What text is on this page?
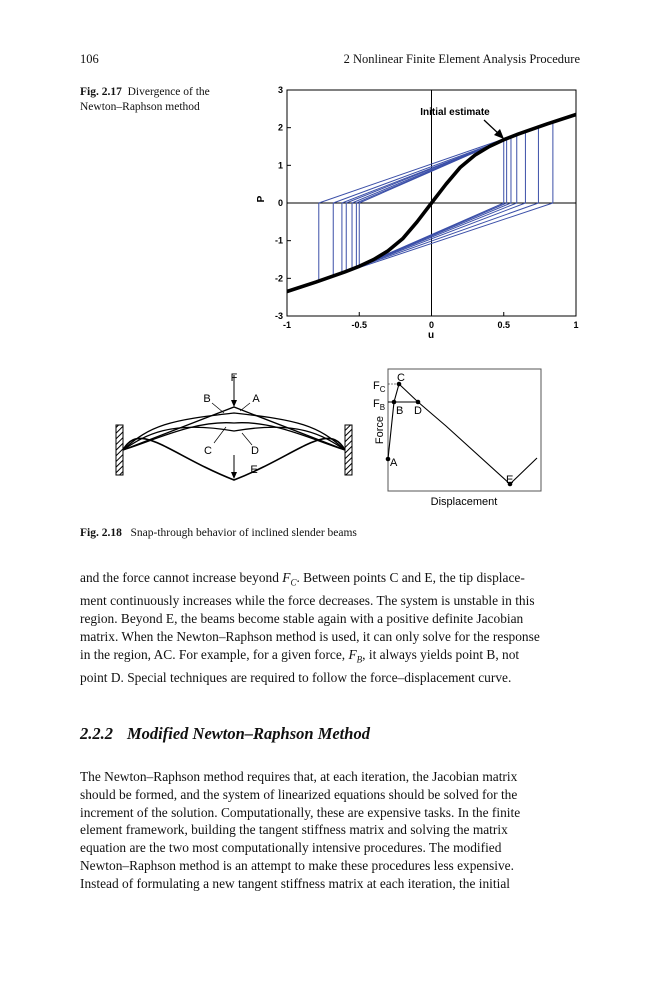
106	2 Nonlinear Finite Element Analysis Procedure
Fig. 2.17 Divergence of the Newton–Raphson method
-1	-0.5	0	0.5	1
3
2
1
0
-1
-2
-3
u
P
Initial estimate
F
B	A
C	D
E
$F_C$
$F_B$
C
B D
A
E
Force
Displacement
Fig. 2.18 Snap-through behavior of inclined slender beams
and the force cannot increase beyond $F_C$. Between points C and E, the tip displace-
ment continuously increases while the force decreases. The system is unstable in this
region. Beyond E, the beams become stable again with a positive definite Jacobian
matrix. When the Newton–Raphson method is used, it can only solve for the response
in the region, AC. For example, for a given force, $F_B$, it always yields point B, not
point D. Special techniques are required to follow the force–displacement curve.
2.2.2 Modified Newton–Raphson Method
The Newton–Raphson method requires that, at each iteration, the Jacobian matrix
should be formed, and the system of linearized equations should be solved for the
increment of the solution. Computationally, these are expensive tasks. In the finite
element framework, building the tangent stiffness matrix and solving the matrix
equation are the two most computationally intensive procedures. The modified
Newton–Raphson method is an attempt to make these procedures less expensive.
Instead of formulating a new tangent stiffness matrix at each iteration, the initial
